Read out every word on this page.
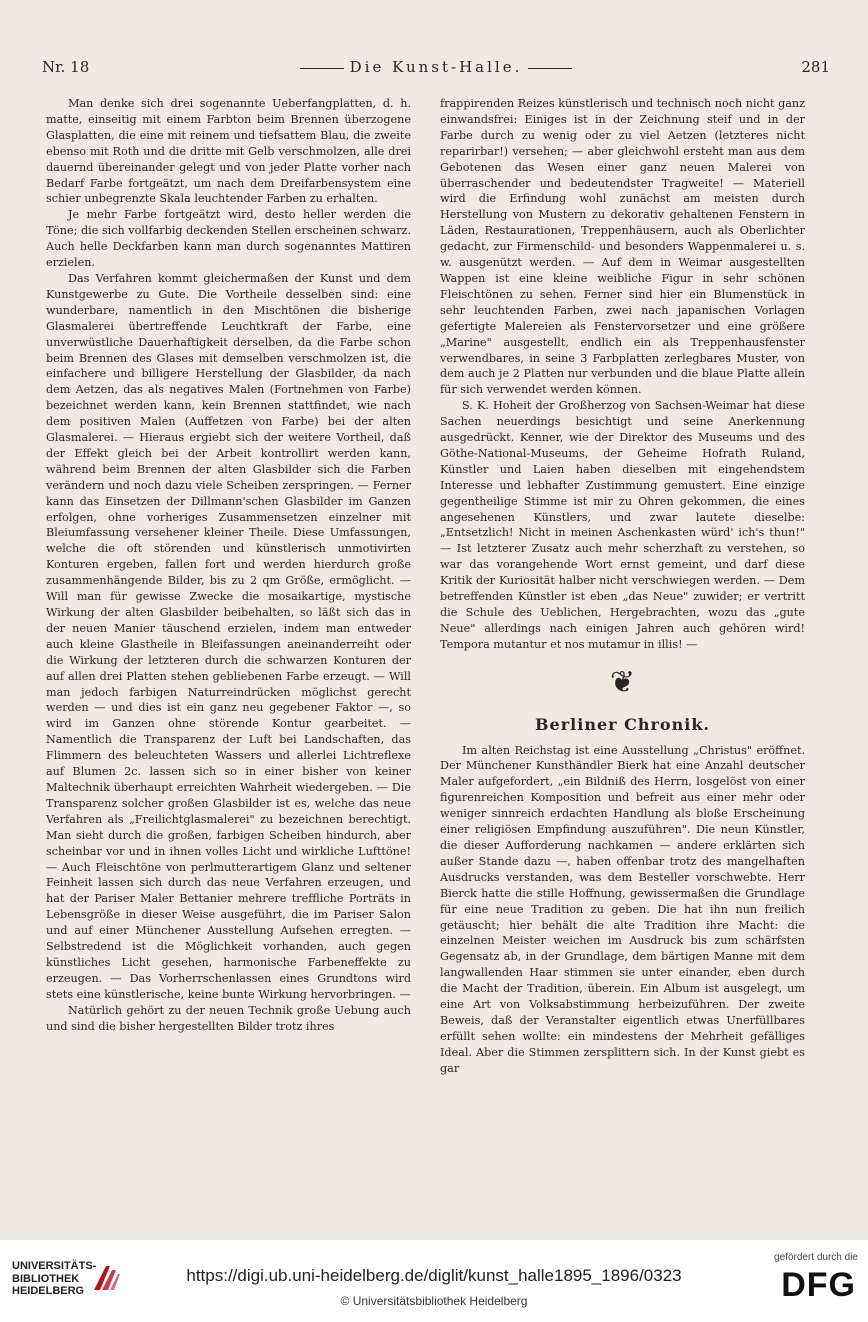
Nr. 18	Die Kunst-Halle.	281

Man denke sich drei sogenannte Ueberfangplatten, d. h. matte, einseitig mit einem Farbton beim Brennen überzogene Glasplatten, die eine mit reinem und tiefsattem Blau, die zweite ebenso mit Roth und die dritte mit Gelb verschmolzen, alle drei dauernd übereinander gelegt und von jeder Platte vorher nach Bedarf Farbe fortgeätzt, um nach dem Dreifarbensystem eine schier unbegrenzte Skala leuchtender Farben zu erhalten.

Je mehr Farbe fortgeätzt wird, desto heller werden die Töne; die sich vollfarbig deckenden Stellen erscheinen schwarz. Auch helle Deckfarben kann man durch sogenanntes Mattiren erzielen.

Das Verfahren kommt gleichermaßen der Kunst und dem Kunstgewerbe zu Gute. Die Vortheile desselben sind: eine wunderbare, namentlich in den Mischtönen die bisherige Glasmalerei übertreffende Leuchtkraft der Farbe, eine unverwüstliche Dauerhaftigkeit derselben, da die Farbe schon beim Brennen des Glases mit demselben verschmolzen ist, die einfachere und billigere Herstellung der Glasbilder, da nach dem Aetzen, das als negatives Malen (Fortnehmen von Farbe) bezeichnet werden kann, kein Brennen stattfindet, wie nach dem positiven Malen (Auffetzen von Farbe) bei der alten Glasmalerei. — Hieraus ergiebt sich der weitere Vortheil, daß der Effekt gleich bei der Arbeit kontrollirt werden kann, während beim Brennen der alten Glasbilder sich die Farben verändern und noch dazu viele Scheiben zerspringen. — Ferner kann das Einsetzen der Dillmann'schen Glasbilder im Ganzen erfolgen, ohne vorheriges Zusammensetzen einzelner mit Bleiumfassung versehener kleiner Theile. Diese Umfassungen, welche die oft störenden und künstlerisch unmotivirten Konturen ergeben, fallen fort und werden hierdurch große zusammenhängende Bilder, bis zu 2 qm Größe, ermöglicht. — Will man für gewisse Zwecke die mosaikartige, mystische Wirkung der alten Glasbilder beibehalten, so läßt sich das in der neuen Manier täuschend erzielen, indem man entweder auch kleine Glastheile in Bleifassungen aneinanderreiht oder die Wirkung der letzteren durch die schwarzen Konturen der auf allen drei Platten stehen gebliebenen Farbe erzeugt. — Will man jedoch farbigen Naturreindrücken möglichst gerecht werden — und dies ist ein ganz neu gegebener Faktor —, so wird im Ganzen ohne störende Kontur gearbeitet. — Namentlich die Transparenz der Luft bei Landschaften, das Flimmern des beleuchteten Wassers und allerlei Lichtreflexe auf Blumen 2c. lassen sich so in einer bisher von keiner Maltechnik überhaupt erreichten Wahrheit wiedergeben. — Die Transparenz solcher großen Glasbilder ist es, welche das neue Verfahren als „Freilichtglasmalerei" zu bezeichnen berechtigt. Man sieht durch die großen, farbigen Scheiben hindurch, aber scheinbar vor und in ihnen volles Licht und wirkliche Lufttöne! — Auch Fleischtöne von perlmutterartigem Glanz und seltener Feinheit lassen sich durch das neue Verfahren erzeugen, und hat der Pariser Maler Bettanier mehrere treffliche Porträts in Lebensgröße in dieser Weise ausgeführt, die im Pariser Salon und auf einer Münchener Ausstellung Aufsehen erregten. — Selbstredend ist die Möglichkeit vorhanden, auch gegen künstliches Licht gesehen, harmonische Farbeneffekte zu erzeugen. — Das Vorherrschenlassen eines Grundtons wird stets eine künstlerische, keine bunte Wirkung hervorbringen. —

Natürlich gehört zu der neuen Technik große Uebung auch und sind die bisher hergestellten Bilder trotz ihres

frappirenden Reizes künstlerisch und technisch noch nicht ganz einwandsfrei: Einiges ist in der Zeichnung steif und in der Farbe durch zu wenig oder zu viel Aetzen (letzteres nicht reparirbar!) versehen; — aber gleichwohl ersteht man aus dem Gebotenen das Wesen einer ganz neuen Malerei von überraschender und bedeutendster Tragweite! — Materiell wird die Erfindung wohl zunächst am meisten durch Herstellung von Mustern zu dekorativ gehaltenen Fenstern in Läden, Restaurationen, Treppenhäusern, auch als Oberlichter gedacht, zur Firmenschild- und besonders Wappenmalerei u. s. w. ausgenützt werden. — Auf dem in Weimar ausgestellten Wappen ist eine kleine weibliche Figur in sehr schönen Fleischtönen zu sehen. Ferner sind hier ein Blumenstück in sehr leuchtenden Farben, zwei nach japanischen Vorlagen gefertigte Malereien als Fenstervorsetzer und eine größere „Marine" ausgestellt, endlich ein als Treppenhausfenster verwendbares, in seine 3 Farbplatten zerlegbares Muster, von dem auch je 2 Platten nur verbunden und die blaue Platte allein für sich verwendet werden können.

S. K. Hoheit der Großherzog von Sachsen-Weimar hat diese Sachen neuerdings besichtigt und seine Anerkennung ausgedrückt. Kenner, wie der Direktor des Museums und des Göthe-National-Museums, der Geheime Hofrath Ruland, Künstler und Laien haben dieselben mit eingehendstem Interesse und lebhafter Zustimmung gemustert. Eine einzige gegentheilige Stimme ist mir zu Ohren gekommen, die eines angesehenen Künstlers, und zwar lautete dieselbe: „Entsetzlich! Nicht in meinen Aschenkasten würd' ich's thun!" — Ist letzterer Zusatz auch mehr scherzhaft zu verstehen, so war das vorangehende Wort ernst gemeint, und darf diese Kritik der Kuriosität halber nicht verschwiegen werden. — Dem betreffenden Künstler ist eben „das Neue" zuwider; er vertritt die Schule des Ueblichen, Hergebrachten, wozu das „gute Neue" allerdings nach einigen Jahren auch gehören wird! Tempora mutantur et nos mutamur in illis! —

❦
Berliner Chronik.

Im alten Reichstag ist eine Ausstellung „Christus" eröffnet. Der Münchener Kunsthändler Bierk hat eine Anzahl deutscher Maler aufgefordert, „ein Bildniß des Herrn, losgelöst von einer figurenreichen Komposition und befreit aus einer mehr oder weniger sinnreich erdachten Handlung als bloße Erscheinung einer religiösen Empfindung auszuführen". Die neun Künstler, die dieser Aufforderung nachkamen — andere erklärten sich außer Stande dazu —, haben offenbar trotz des mangelhaften Ausdrucks verstanden, was dem Besteller vorschwebte. Herr Bierck hatte die stille Hoffnung, gewissermaßen die Grundlage für eine neue Tradition zu geben. Die hat ihn nun freilich getäuscht; hier behält die alte Tradition ihre Macht: die einzelnen Meister weichen im Ausdruck bis zum schärfsten Gegensatz ab, in der Grundlage, dem bärtigen Manne mit dem langwallenden Haar stimmen sie unter einander, eben durch die Macht der Tradition, überein. Ein Album ist ausgelegt, um eine Art von Volksabstimmung herbeizuführen. Der zweite Beweis, daß der Veranstalter eigentlich etwas Unerfüllbares erfüllt sehen wollte: ein mindestens der Mehrheit gefälliges Ideal. Aber die Stimmen zersplittern sich. In der Kunst giebt es gar

UNIVERSITÄTS-
BIBLIOTHEK
HEIDELBERG
https://digi.ub.uni-heidelberg.de/diglit/kunst_halle1895_1896/0323
© Universitätsbibliothek Heidelberg
gefördert durch die
DFG
